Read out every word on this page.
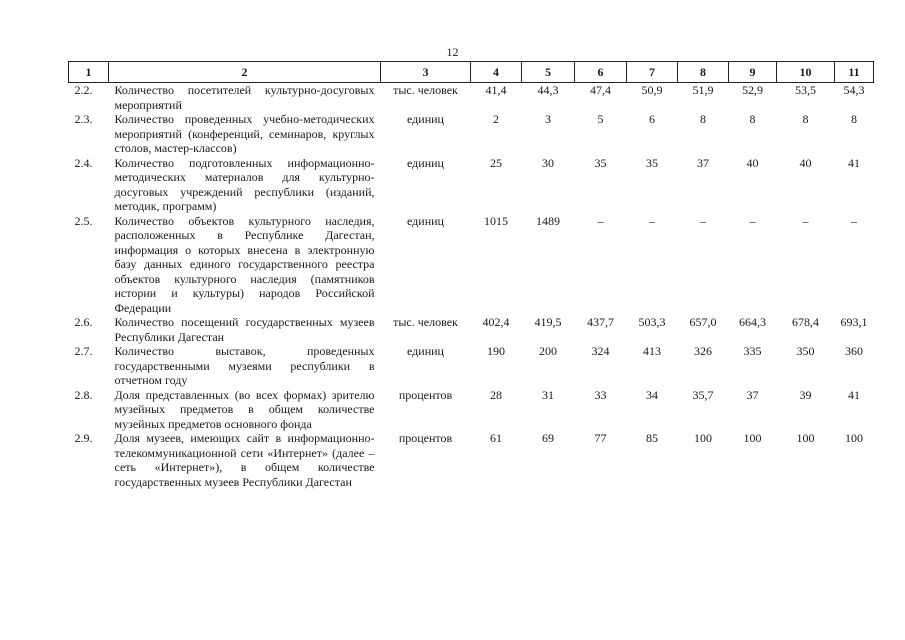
12
1	2	3	4	5	6	7	8	9	10	11
2.2.	Количество посетителей культурно-досуговых мероприятий	тыс. человек	41,4	44,3	47,4	50,9	51,9	52,9	53,5	54,3
2.3.	Количество проведенных учебно-методических мероприятий (конференций, семинаров, круглых столов, мастер-классов)	единиц	2	3	5	6	8	8	8	8
2.4.	Количество подготовленных информационно-методических материалов для культурно-досуговых учреждений республики (изданий, методик, программ)	единиц	25	30	35	35	37	40	40	41
2.5.	Количество объектов культурного наследия, расположенных в Республике Дагестан, информация о которых внесена в электронную базу данных единого государственного реестра объектов культурного наследия (памятников истории и культуры) народов Российской Федерации	единиц	1015	1489	–	–	–	–	–	–
2.6.	Количество посещений государственных музеев Республики Дагестан	тыс. человек	402,4	419,5	437,7	503,3	657,0	664,3	678,4	693,1
2.7.	Количество выставок, проведенных государственными музеями республики в отчетном году	единиц	190	200	324	413	326	335	350	360
2.8.	Доля представленных (во всех формах) зрителю музейных предметов в общем количестве музейных предметов основного фонда	процентов	28	31	33	34	35,7	37	39	41
2.9.	Доля музеев, имеющих сайт в информационно-телекоммуникационной сети «Интернет» (далее – сеть «Интернет»), в общем количестве государственных музеев Республики Дагестан	процентов	61	69	77	85	100	100	100	100
